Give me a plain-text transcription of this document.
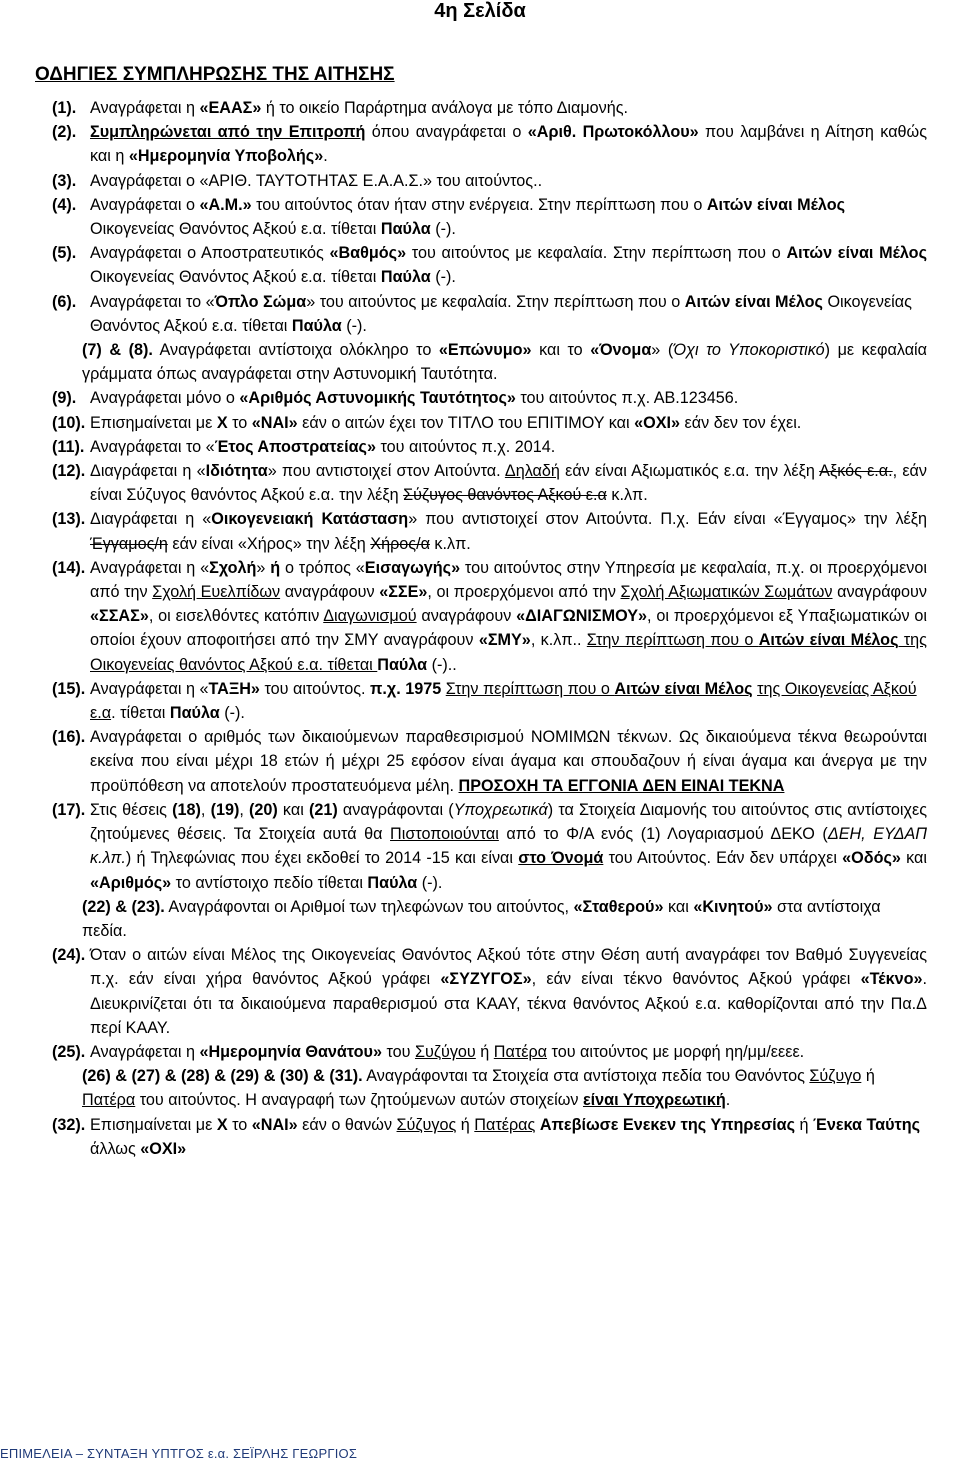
4η Σελίδα
ΟΔΗΓΙΕΣ ΣΥΜΠΛΗΡΩΣΗΣ ΤΗΣ ΑΙΤΗΣΗΣ
(1). Αναγράφεται η «ΕΑΑΣ» ή το οικείο Παράρτημα ανάλογα με τόπο Διαμονής.
(2). Συμπληρώνεται από την Επιτροπή όπου αναγράφεται ο «Αριθ. Πρωτοκόλλου» που λαμβάνει η Αίτηση καθώς και η «Ημερομηνία Υποβολής».
(3). Αναγράφεται ο «ΑΡΙΘ. ΤΑΥΤΟΤΗΤΑΣ Ε.Α.Α.Σ.» του αιτούντος..
(4). Αναγράφεται ο «Α.Μ.» του αιτούντος όταν ήταν στην ενέργεια. Στην περίπτωση που ο Αιτών είναι Μέλος Οικογενείας Θανόντος Αξκού ε.α. τίθεται Παύλα (-).
(5). Αναγράφεται ο Αποστρατευτικός «Βαθμός» του αιτούντος με κεφαλαία. Στην περίπτωση που ο Αιτών είναι Μέλος Οικογενείας Θανόντος Αξκού ε.α. τίθεται Παύλα (-).
(6). Αναγράφεται το «Όπλο Σώμα» του αιτούντος με κεφαλαία. Στην περίπτωση που ο Αιτών είναι Μέλος Οικογενείας Θανόντος Αξκού ε.α. τίθεται Παύλα (-).
(7) & (8). Αναγράφεται αντίστοιχα ολόκληρο το «Επώνυμο» και το «Όνομα» (Όχι το Υποκοριστικό) με κεφαλαία γράμματα όπως αναγράφεται στην Αστυνομική Ταυτότητα.
(9). Αναγράφεται μόνο ο «Αριθμός Αστυνομικής Ταυτότητος» του αιτούντος π.χ. ΑΒ.123456.
(10). Επισημαίνεται με Χ το «ΝΑΙ» εάν ο αιτών έχει τον ΤΙΤΛΟ του ΕΠΙΤΙΜΟΥ και «ΟΧΙ» εάν δεν τον έχει.
(11). Αναγράφεται το «Έτος Αποστρατείας» του αιτούντος π.χ. 2014.
(12). Διαγράφεται η «Ιδιότητα» που αντιστοιχεί στον Αιτούντα. Δηλαδή εάν είναι Αξιωματικός ε.α. την λέξη Αξκός ε.α., εάν είναι Σύζυγος θανόντος Αξκού ε.α. την λέξη Σύζυγος θανόντος Αξκού ε.α κ.λπ.
(13). Διαγράφεται η «Οικογενειακή Κατάσταση» που αντιστοιχεί στον Αιτούντα. Π.χ. Εάν είναι «Έγγαμος» την λέξη Έγγαμος/η εάν είναι «Χήρος» την λέξη Χήρος/α κ.λπ.
(14). Αναγράφεται η «Σχολή» ή ο τρόπος «Εισαγωγής» του αιτούντος στην Υπηρεσία με κεφαλαία, π.χ. οι προερχόμενοι από την Σχολή Ευελπίδων αναγράφουν «ΣΣΕ», οι προερχόμενοι από την Σχολή Αξιωματικών Σωμάτων αναγράφουν «ΣΣΑΣ», οι εισελθόντες κατόπιν Διαγωνισμού αναγράφουν «ΔΙΑΓΩΝΙΣΜΟΥ», οι προερχόμενοι εξ Υπαξιωματικών οι οποίοι έχουν αποφοιτήσει από την ΣΜΥ αναγράφουν «ΣΜΥ», κ.λπ.. Στην περίπτωση που ο Αιτών είναι Μέλος της Οικογενείας θανόντος Αξκού ε.α. τίθεται Παύλα (-)..
(15). Αναγράφεται η «ΤΑΞΗ» του αιτούντος. π.χ. 1975 Στην περίπτωση που ο Αιτών είναι Μέλος της Οικογενείας Αξκού ε.α. τίθεται Παύλα (-).
(16). Αναγράφεται ο αριθμός των δικαιούμενων παραθεσιρισμού ΝΟΜΙΜΩΝ τέκνων. Ως δικαιούμενα τέκνα θεωρούνται εκείνα που είναι μέχρι 18 ετών ή μέχρι 25 εφόσον είναι άγαμα και σπουδαζουν ή είναι άγαμα και άνεργα με την προϋπόθεση να αποτελούν προστατευόμενα μέλη. ΠΡΟΣΟΧΗ ΤΑ ΕΓΓΟΝΙΑ ΔΕΝ ΕΙΝΑΙ ΤΕΚΝΑ
(17). Στις θέσεις (18), (19), (20) και (21) αναγράφονται (Υποχρεωτικά) τα Στοιχεία Διαμονής του αιτούντος στις αντίστοιχες ζητούμενες θέσεις. Τα Στοιχεία αυτά θα Πιστοποιούνται από το Φ/Α ενός (1) Λογαριασμού ΔΕΚΟ (ΔΕΗ, ΕΥΔΑΠ κ.λπ.) ή Τηλεφώνιας που έχει εκδοθεί το 2014 -15 και είναι στο Όνομά του Αιτούντος. Εάν δεν υπάρχει «Οδός» και «Αριθμός» το αντίστοιχο πεδίο τίθεται Παύλα (-).
(22) & (23). Αναγράφονται οι Αριθμοί των τηλεφώνων του αιτούντος, «Σταθερού» και «Κινητού» στα αντίστοιχα πεδία.
(24). Όταν ο αιτών είναι Μέλος της Οικογενείας Θανόντος Αξκού τότε στην Θέση αυτή αναγράφει τον Βαθμό Συγγενείας π.χ. εάν είναι χήρα θανόντος Αξκού γράφει «ΣΥΖΥΓΟΣ», εάν είναι τέκνο θανόντος Αξκού γράφει «Τέκνο». Διευκρινίζεται ότι τα δικαιούμενα παραθερισμού στα ΚΑΑΥ, τέκνα θανόντος Αξκού ε.α. καθορίζονται από την Πα.Δ περί ΚΑΑΥ.
(25). Αναγράφεται η «Ημερομηνία Θανάτου» του Συζύγου ή Πατέρα του αιτούντος με μορφή ηη/μμ/εεεε.
(26) & (27) & (28) & (29) & (30) & (31). Αναγράφονται τα Στοιχεία στα αντίστοιχα πεδία του Θανόντος Σύζυγο ή Πατέρα του αιτούντος. Η αναγραφή των ζητούμενων αυτών στοιχείων είναι Υποχρεωτική.
(32). Επισημαίνεται με Χ το «ΝΑΙ» εάν ο θανών Σύζυγος ή Πατέρας Απεβίωσε Ενεκεν της Υπηρεσίας ή Ένεκα Ταύτης άλλως «ΟΧΙ»
ΕΠΙΜΕΛΕΙΑ – ΣΥΝΤΑΞΗ ΥΠΤΓΟΣ ε.α. ΣΕΪΡΛΗΣ ΓΕΩΡΓΙΟΣ
